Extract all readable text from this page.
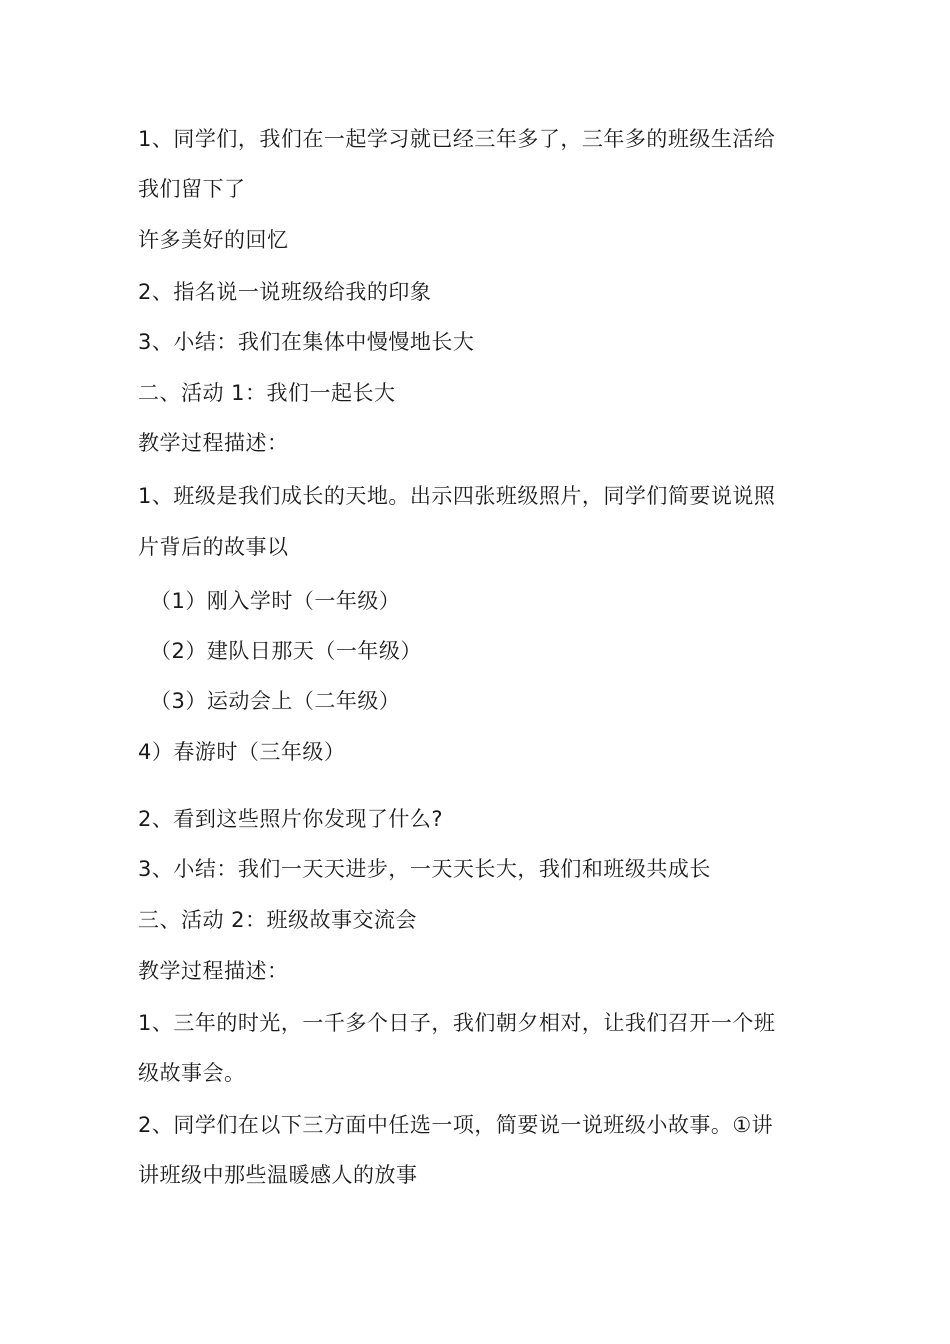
1、同学们，我们在一起学习就已经三年多了，三年多的班级生活给
我们留下了
许多美好的回忆
2、指名说一说班级给我的印象
3、小结：我们在集体中慢慢地长大
二、活动 1：我们一起长大
教学过程描述：
1、班级是我们成长的天地。出示四张班级照片，同学们简要说说照
片背后的故事以
（1）刚入学时（一年级）
（2）建队日那天（一年级）
（3）运动会上（二年级）
4）春游时（三年级）
2、看到这些照片你发现了什么?
3、小结：我们一天天进步，一天天长大，我们和班级共成长
三、活动 2：班级故事交流会
教学过程描述：
1、三年的时光，一千多个日子，我们朝夕相对，让我们召开一个班
级故事会。
2、同学们在以下三方面中任选一项，简要说一说班级小故事。①讲
讲班级中那些温暖感人的放事
